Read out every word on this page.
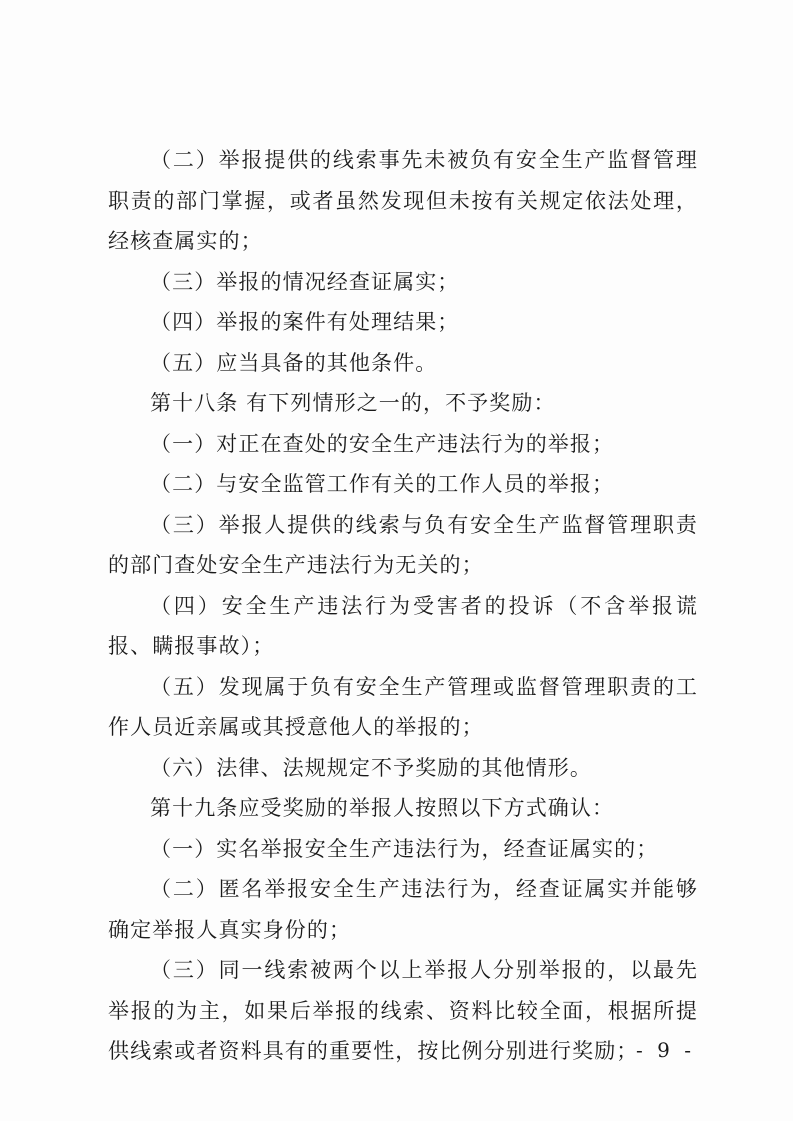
（二）举报提供的线索事先未被负有安全生产监督管理职责的部门掌握，或者虽然发现但未按有关规定依法处理，经核查属实的；

（三）举报的情况经查证属实；

（四）举报的案件有处理结果；

（五）应当具备的其他条件。

第十八条 有下列情形之一的，不予奖励：

（一）对正在查处的安全生产违法行为的举报；

（二）与安全监管工作有关的工作人员的举报；

（三）举报人提供的线索与负有安全生产监督管理职责的部门查处安全生产违法行为无关的；

（四）安全生产违法行为受害者的投诉（不含举报谎报、瞒报事故）；

（五）发现属于负有安全生产管理或监督管理职责的工作人员近亲属或其授意他人的举报的；

（六）法律、法规规定不予奖励的其他情形。

第十九条应受奖励的举报人按照以下方式确认：

（一）实名举报安全生产违法行为，经查证属实的；

（二）匿名举报安全生产违法行为，经查证属实并能够确定举报人真实身份的；

（三）同一线索被两个以上举报人分别举报的，以最先举报的为主，如果后举报的线索、资料比较全面，根据所提供线索或者资料具有的重要性，按比例分别进行奖励；

- 9 -
